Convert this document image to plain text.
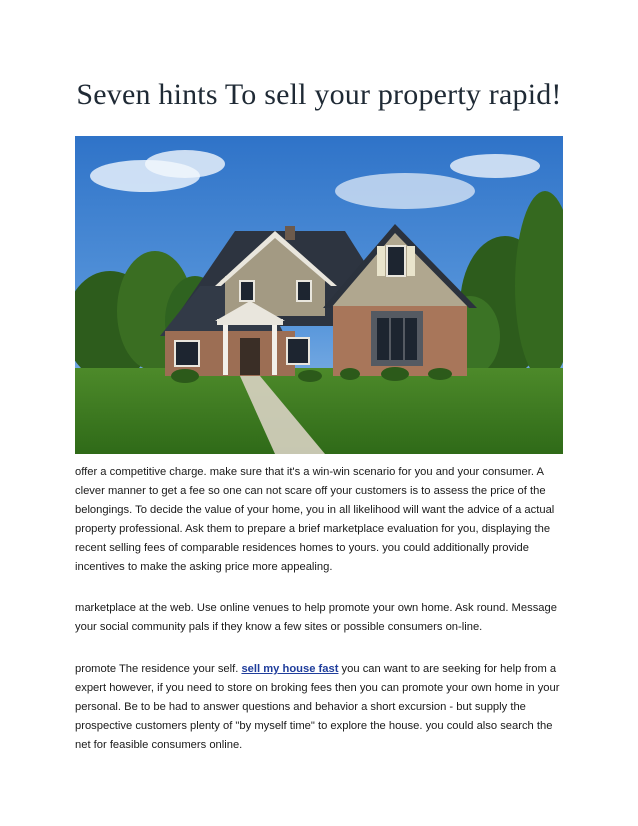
Seven hints To sell your property rapid!

offer a competitive charge. make sure that it's a win-win scenario for you and your consumer. A clever manner to get a fee so one can not scare off your customers is to assess the price of the belongings. To decide the value of your home, you in all likelihood will want the advice of a actual property professional. Ask them to prepare a brief marketplace evaluation for you, displaying the recent selling fees of comparable residences homes to yours. you could additionally provide incentives to make the asking price more appealing.

marketplace at the web. Use online venues to help promote your own home. Ask round. Message your social community pals if they know a few sites or possible consumers on-line.

promote The residence your self. sell my house fast you can want to are seeking for help from a expert however, if you need to store on broking fees then you can promote your own home in your personal. Be to be had to answer questions and behavior a short excursion - but supply the prospective customers plenty of "by myself time" to explore the house. you could also search the net for feasible consumers online.
